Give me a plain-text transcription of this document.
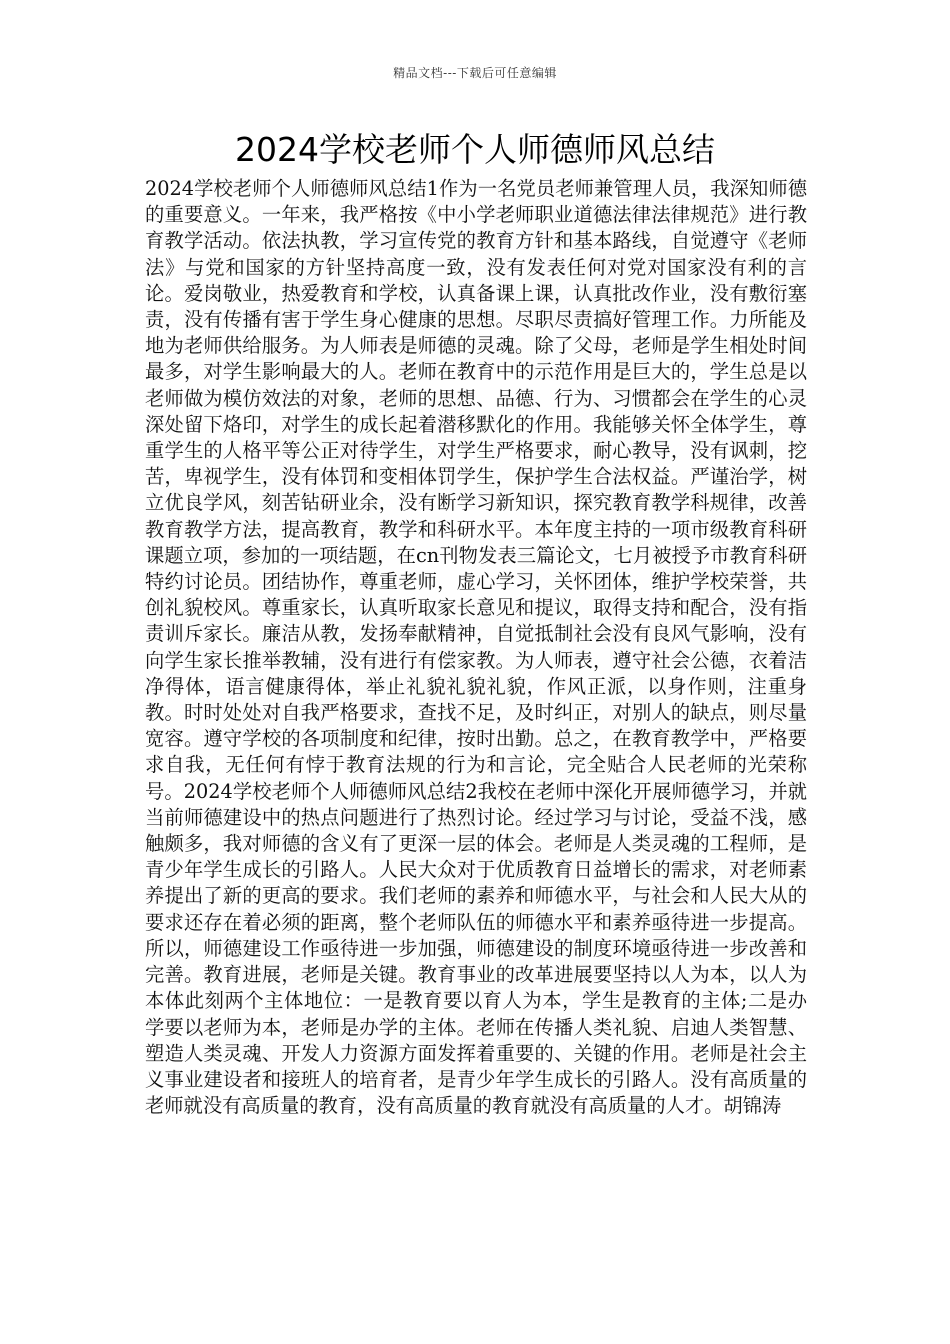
精品文档---下载后可任意编辑
2024学校老师个人师德师风总结

2024学校老师个人师德师风总结1作为一名党员老师兼管理人员，我深知师德的重要意义。一年来，我严格按《中小学老师职业道德法律法律规范》进行教育教学活动。依法执教，学习宣传党的教育方针和基本路线，自觉遵守《老师法》与党和国家的方针坚持高度一致，没有发表任何对党对国家没有利的言论。爱岗敬业，热爱教育和学校，认真备课上课，认真批改作业，没有敷衍塞责，没有传播有害于学生身心健康的思想。尽职尽责搞好管理工作。力所能及地为老师供给服务。为人师表是师德的灵魂。除了父母，老师是学生相处时间最多，对学生影响最大的人。老师在教育中的示范作用是巨大的，学生总是以老师做为模仿效法的对象，老师的思想、品德、行为、习惯都会在学生的心灵深处留下烙印，对学生的成长起着潜移默化的作用。我能够关怀全体学生，尊重学生的人格平等公正对待学生，对学生严格要求，耐心教导，没有讽刺，挖苦，卑视学生，没有体罚和变相体罚学生，保护学生合法权益。严谨治学，树立优良学风，刻苦钻研业余，没有断学习新知识，探究教育教学科规律，改善教育教学方法，提高教育，教学和科研水平。本年度主持的一项市级教育科研课题立项，参加的一项结题，在cn刊物发表三篇论文，七月被授予市教育科研特约讨论员。团结协作，尊重老师，虚心学习，关怀团体，维护学校荣誉，共创礼貌校风。尊重家长，认真听取家长意见和提议，取得支持和配合，没有指责训斥家长。廉洁从教，发扬奉献精神，自觉抵制社会没有良风气影响，没有向学生家长推举教辅，没有进行有偿家教。为人师表，遵守社会公德，衣着洁净得体，语言健康得体，举止礼貌礼貌礼貌，作风正派，以身作则，注重身教。时时处处对自我严格要求，查找不足，及时纠正，对别人的缺点，则尽量宽容。遵守学校的各项制度和纪律，按时出勤。总之，在教育教学中，严格要求自我，无任何有悖于教育法规的行为和言论，完全贴合人民老师的光荣称号。2024学校老师个人师德师风总结2我校在老师中深化开展师德学习，并就当前师德建设中的热点问题进行了热烈讨论。经过学习与讨论，受益不浅，感触颇多，我对师德的含义有了更深一层的体会。老师是人类灵魂的工程师，是青少年学生成长的引路人。人民大众对于优质教育日益增长的需求，对老师素养提出了新的更高的要求。我们老师的素养和师德水平，与社会和人民大从的要求还存在着必须的距离，整个老师队伍的师德水平和素养亟待进一步提高。所以，师德建设工作亟待进一步加强，师德建设的制度环境亟待进一步改善和完善。教育进展，老师是关键。教育事业的改革进展要坚持以人为本，以人为本体此刻两个主体地位：一是教育要以育人为本，学生是教育的主体;二是办学要以老师为本，老师是办学的主体。老师在传播人类礼貌、启迪人类智慧、塑造人类灵魂、开发人力资源方面发挥着重要的、关键的作用。老师是社会主义事业建设者和接班人的培育者，是青少年学生成长的引路人。没有高质量的老师就没有高质量的教育，没有高质量的教育就没有高质量的人才。胡锦涛
